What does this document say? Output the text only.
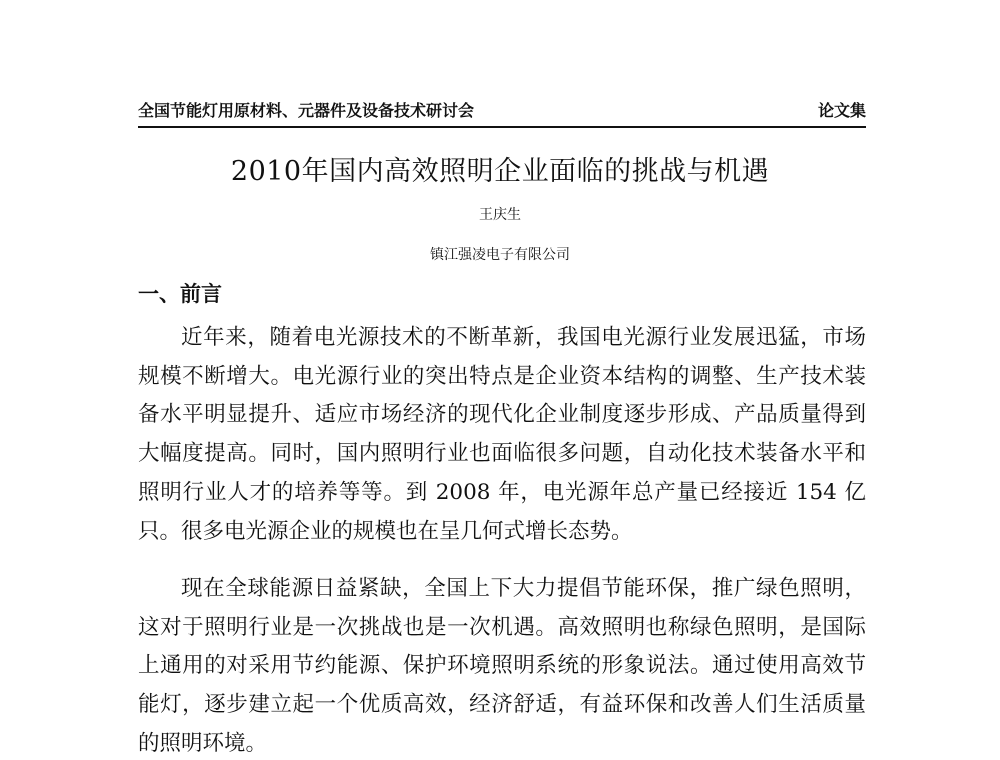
全国节能灯用原材料、元器件及设备技术研讨会	论文集
2010年国内高效照明企业面临的挑战与机遇
王庆生
镇江强凌电子有限公司
一、前言

近年来，随着电光源技术的不断革新，我国电光源行业发展迅猛，市场规模不断增大。电光源行业的突出特点是企业资本结构的调整、生产技术装备水平明显提升、适应市场经济的现代化企业制度逐步形成、产品质量得到大幅度提高。同时，国内照明行业也面临很多问题，自动化技术装备水平和照明行业人才的培养等等。到 2008 年，电光源年总产量已经接近 154 亿只。很多电光源企业的规模也在呈几何式增长态势。

现在全球能源日益紧缺，全国上下大力提倡节能环保，推广绿色照明，这对于照明行业是一次挑战也是一次机遇。高效照明也称绿色照明，是国际上通用的对采用节约能源、保护环境照明系统的形象说法。通过使用高效节能灯，逐步建立起一个优质高效，经济舒适，有益环保和改善人们生活质量的照明环境。
